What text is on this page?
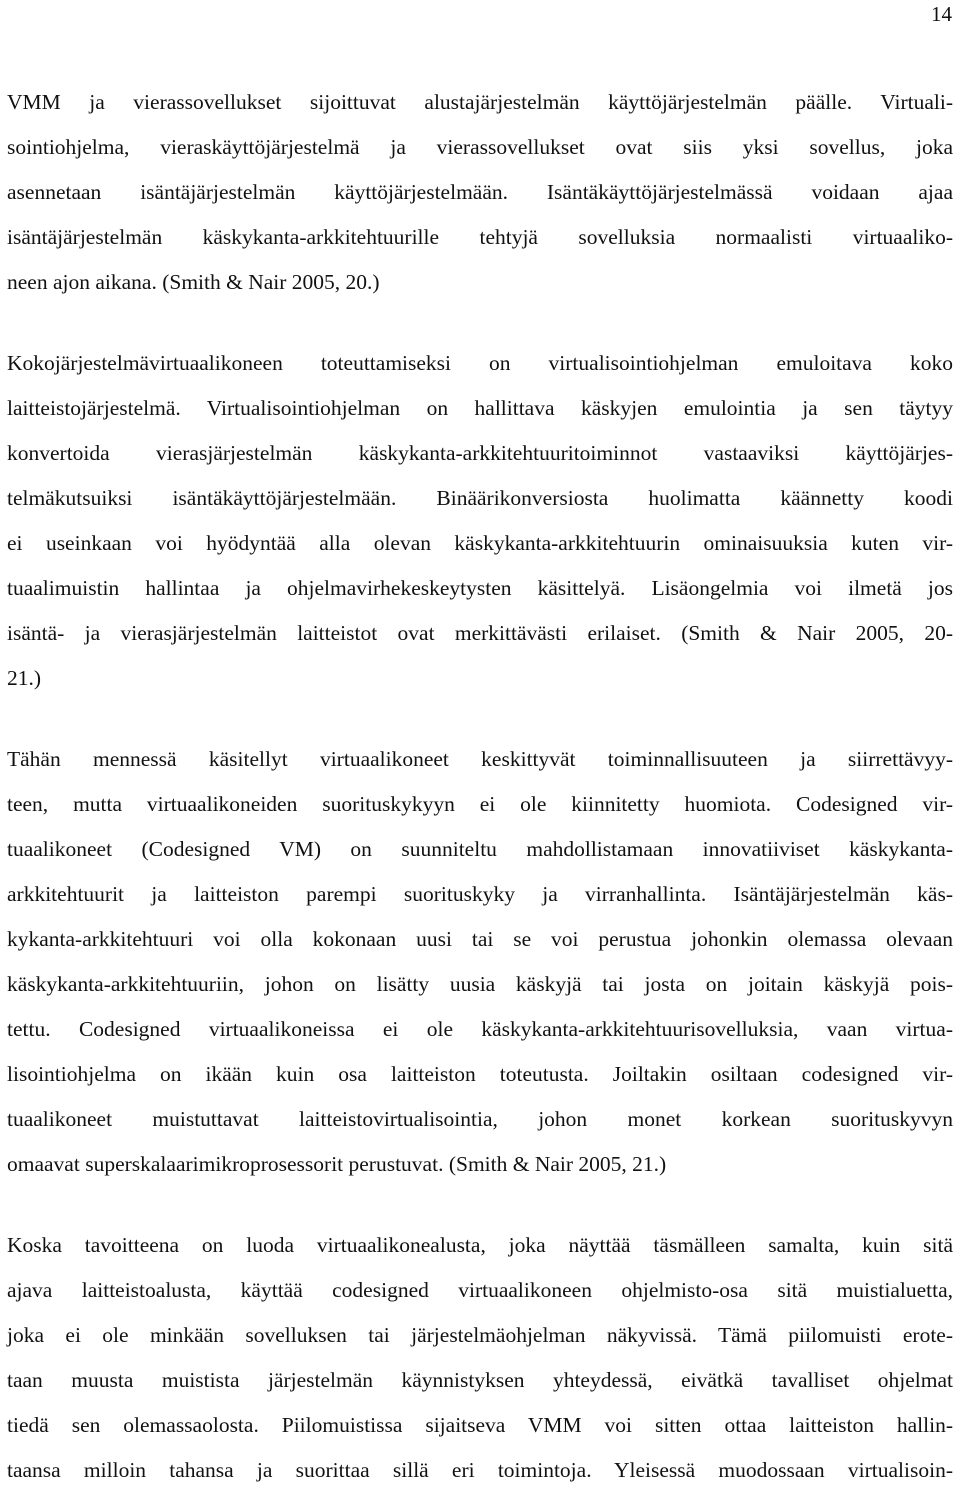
14
VMM ja vierassovellukset sijoittuvat alustajärjestelmän käyttöjärjestelmän päälle. Virtuali-
sointiohjelma, vieraskäyttöjärjestelmä ja vierassovellukset ovat siis yksi sovellus, joka
asennetaan isäntäjärjestelmän käyttöjärjestelmään. Isäntäkäyttöjärjestelmässä voidaan ajaa
isäntäjärjestelmän käskykanta-arkkitehtuurille tehtyjä sovelluksia normaalisti virtuaaliko-
neen ajon aikana. (Smith & Nair 2005, 20.)
Kokojärjestelmävirtuaalikoneen toteuttamiseksi on virtualisointiohjelman emuloitava koko
laitteistojärjestelmä. Virtualisointiohjelman on hallittava käskyjen emulointia ja sen täytyy
konvertoida vierasjärjestelmän käskykanta-arkkitehtuuritoiminnot vastaaviksi käyttöjärjes-
telmäkutsuiksi isäntäkäyttöjärjestelmään. Binäärikonversiosta huolimatta käännetty koodi
ei useinkaan voi hyödyntää alla olevan käskykanta-arkkitehtuurin ominaisuuksia kuten vir-
tuaalimuistin hallintaa ja ohjelmavirhekeskeytysten käsittelyä. Lisäongelmia voi ilmetä jos
isäntä- ja vierasjärjestelmän laitteistot ovat merkittävästi erilaiset. (Smith & Nair 2005, 20-
21.)
Tähän mennessä käsitellyt virtuaalikoneet keskittyvät toiminnallisuuteen ja siirrettävyy-
teen, mutta virtuaalikoneiden suorituskykyyn ei ole kiinnitetty huomiota. Codesigned vir-
tuaalikoneet (Codesigned VM) on suunniteltu mahdollistamaan innovatiiviset käskykanta-
arkkitehtuurit ja laitteiston parempi suorituskyky ja virranhallinta. Isäntäjärjestelmän käs-
kykanta-arkkitehtuuri voi olla kokonaan uusi tai se voi perustua johonkin olemassa olevaan
käskykanta-arkkitehtuuriin, johon on lisätty uusia käskyjä tai josta on joitain käskyjä pois-
tettu. Codesigned virtuaalikoneissa ei ole käskykanta-arkkitehtuurisovelluksia, vaan virtua-
lisointiohjelma on ikään kuin osa laitteiston toteutusta. Joiltakin osiltaan codesigned vir-
tuaalikoneet muistuttavat laitteistovirtualisointia, johon monet korkean suorituskyvyn
omaavat superskalaarimikroprosessorit perustuvat. (Smith & Nair 2005, 21.)
Koska tavoitteena on luoda virtuaalikonealusta, joka näyttää täsmälleen samalta, kuin sitä
ajava laitteistoalusta, käyttää codesigned virtuaalikoneen ohjelmisto-osa sitä muistialuetta,
joka ei ole minkään sovelluksen tai järjestelmäohjelman näkyvissä. Tämä piilomuisti erote-
taan muusta muistista järjestelmän käynnistyksen yhteydessä, eivätkä tavalliset ohjelmat
tiedä sen olemassaolosta. Piilomuistissa sijaitseva VMM voi sitten ottaa laitteiston hallin-
taansa milloin tahansa ja suorittaa sillä eri toimintoja. Yleisessä muodossaan virtualisoin-
